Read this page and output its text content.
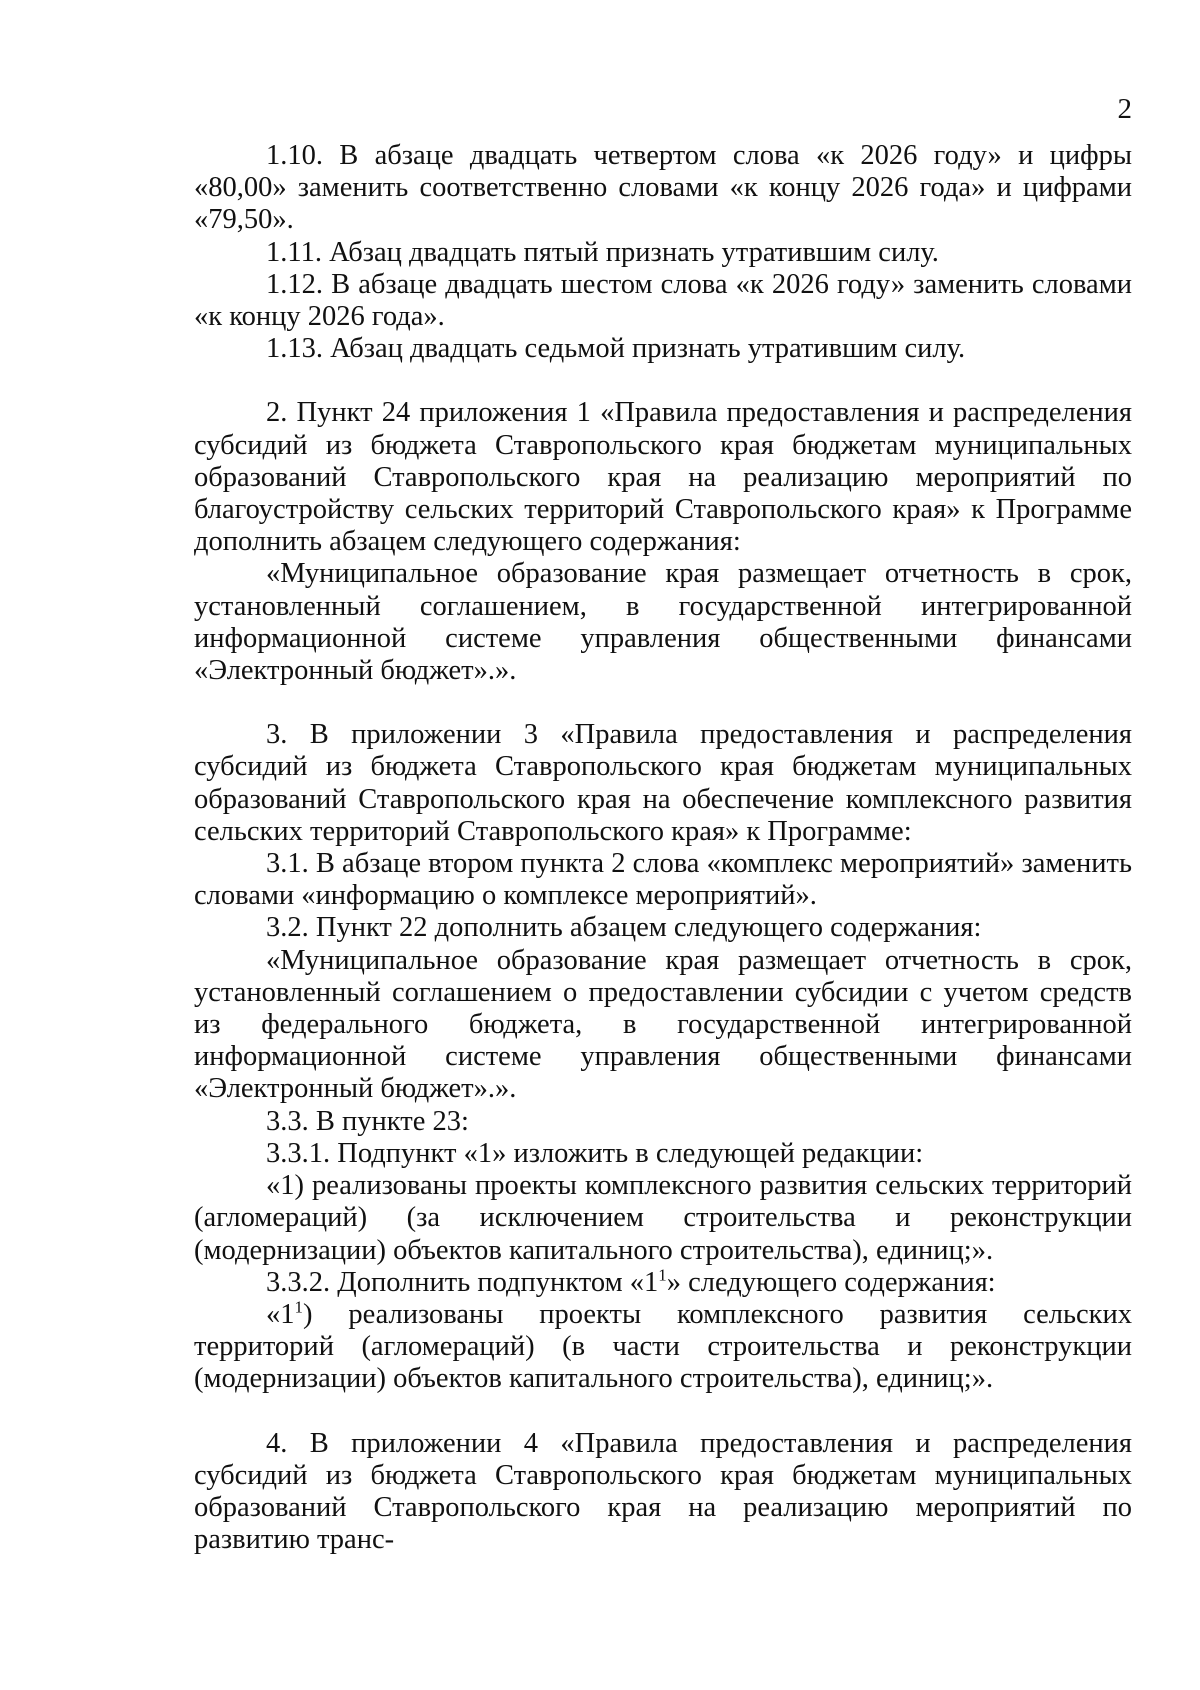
2

1.10. В абзаце двадцать четвертом слова «к 2026 году» и цифры «80,00» заменить соответственно словами «к концу 2026 года» и цифрами «79,50».

1.11. Абзац двадцать пятый признать утратившим силу.

1.12. В абзаце двадцать шестом слова «к 2026 году» заменить словами «к концу 2026 года».

1.13. Абзац двадцать седьмой признать утратившим силу.

2. Пункт 24 приложения 1 «Правила предоставления и распределения субсидий из бюджета Ставропольского края бюджетам муниципальных образований Ставропольского края на реализацию мероприятий по благоустройству сельских территорий Ставропольского края» к Программе дополнить абзацем следующего содержания:

«Муниципальное образование края размещает отчетность в срок, установленный соглашением, в государственной интегрированной информационной системе управления общественными финансами «Электронный бюджет».».

3. В приложении 3 «Правила предоставления и распределения субсидий из бюджета Ставропольского края бюджетам муниципальных образований Ставропольского края на обеспечение комплексного развития сельских территорий Ставропольского края» к Программе:

3.1. В абзаце втором пункта 2 слова «комплекс мероприятий» заменить словами «информацию о комплексе мероприятий».

3.2. Пункт 22 дополнить абзацем следующего содержания:

«Муниципальное образование края размещает отчетность в срок, установленный соглашением о предоставлении субсидии с учетом средств из федерального бюджета, в государственной интегрированной информационной системе управления общественными финансами «Электронный бюджет».».

3.3. В пункте 23:

3.3.1. Подпункт «1» изложить в следующей редакции:

«1) реализованы проекты комплексного развития сельских территорий (агломераций) (за исключением строительства и реконструкции (модернизации) объектов капитального строительства), единиц;».

3.3.2. Дополнить подпунктом «$1^1$» следующего содержания:

«$1^1$) реализованы проекты комплексного развития сельских территорий (агломераций) (в части строительства и реконструкции (модернизации) объектов капитального строительства), единиц;».

4. В приложении 4 «Правила предоставления и распределения субсидий из бюджета Ставропольского края бюджетам муниципальных образований Ставропольского края на реализацию мероприятий по развитию транс-
